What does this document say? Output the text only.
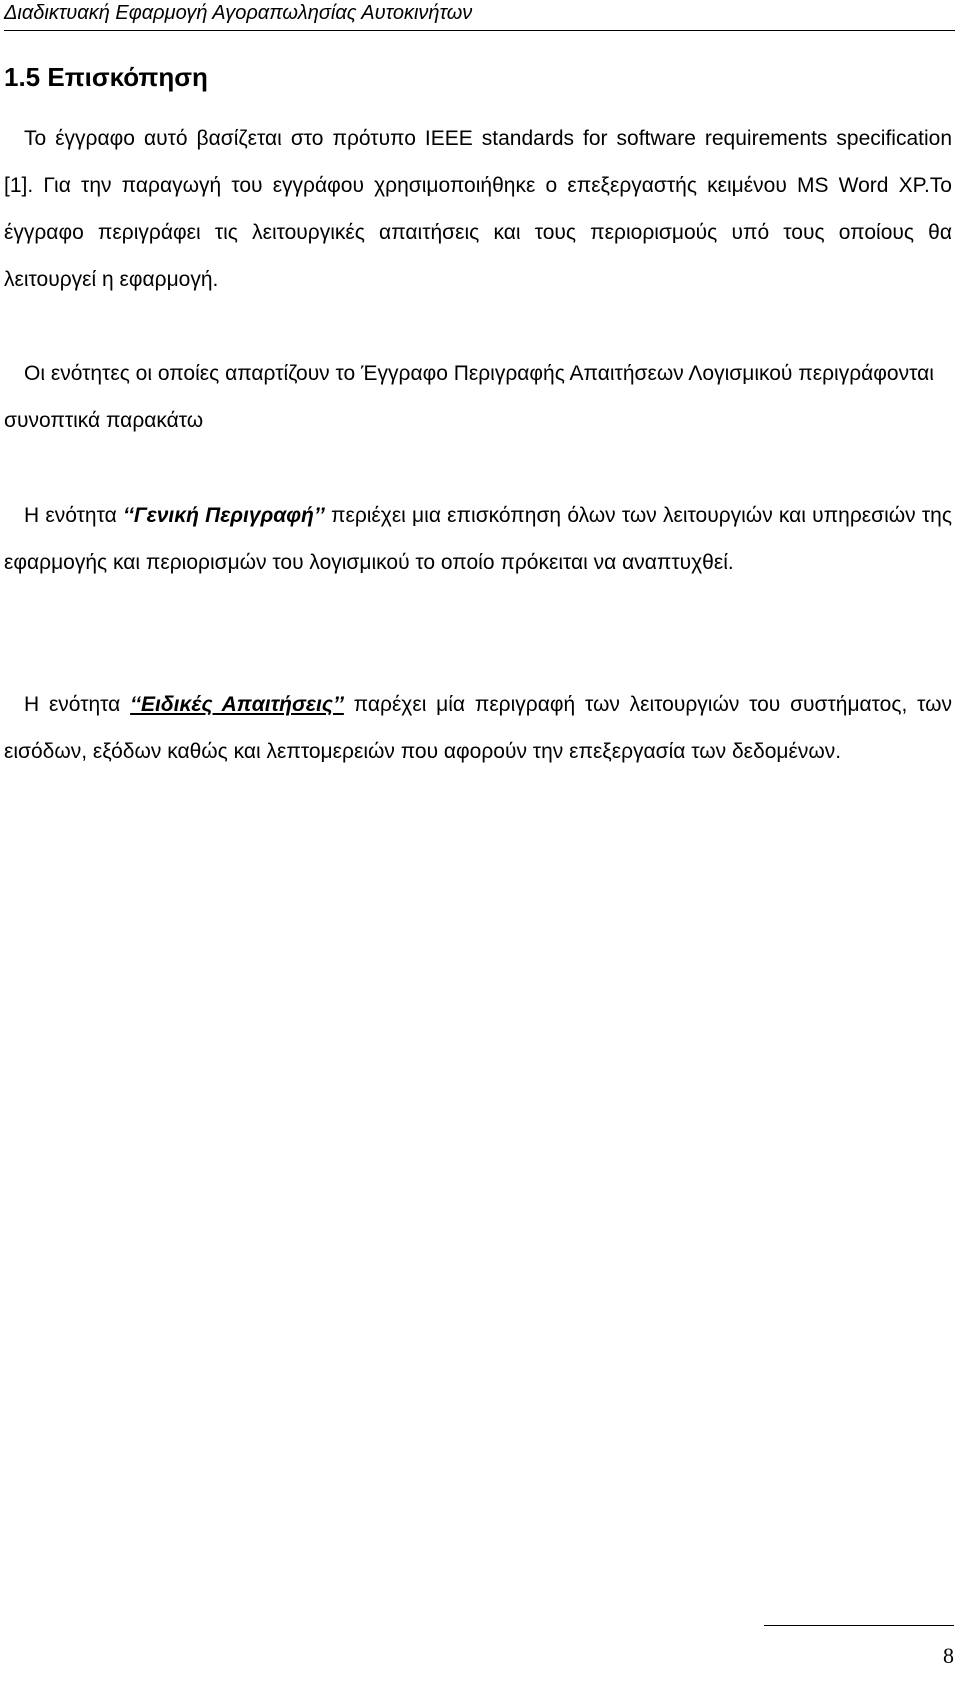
Διαδικτυακή Εφαρμογή Αγοραπωλησίας Αυτοκινήτων
1.5 Επισκόπηση

Το έγγραφο αυτό βασίζεται στο πρότυπο IEEE standards for software requirements specification [1]. Για την παραγωγή του εγγράφου χρησιμοποιήθηκε ο επεξεργαστής κειμένου MS Word XP.Το έγγραφο περιγράφει τις λειτουργικές απαιτήσεις και τους περιορισμούς υπό τους οποίους θα λειτουργεί η εφαρμογή.

Οι ενότητες οι οποίες απαρτίζουν το Έγγραφο Περιγραφής Απαιτήσεων Λογισμικού περιγράφονται συνοπτικά παρακάτω

Η ενότητα ‘‘Γενική Περιγραφή’’ περιέχει μια επισκόπηση όλων των λειτουργιών και υπηρεσιών της εφαρμογής και περιορισμών του λογισμικού το οποίο πρόκειται να αναπτυχθεί.

Η ενότητα ‘‘Ειδικές Απαιτήσεις’’ παρέχει μία περιγραφή των λειτουργιών του συστήματος, των εισόδων, εξόδων καθώς και λεπτομερειών που αφορούν την επεξεργασία των δεδομένων.

8
